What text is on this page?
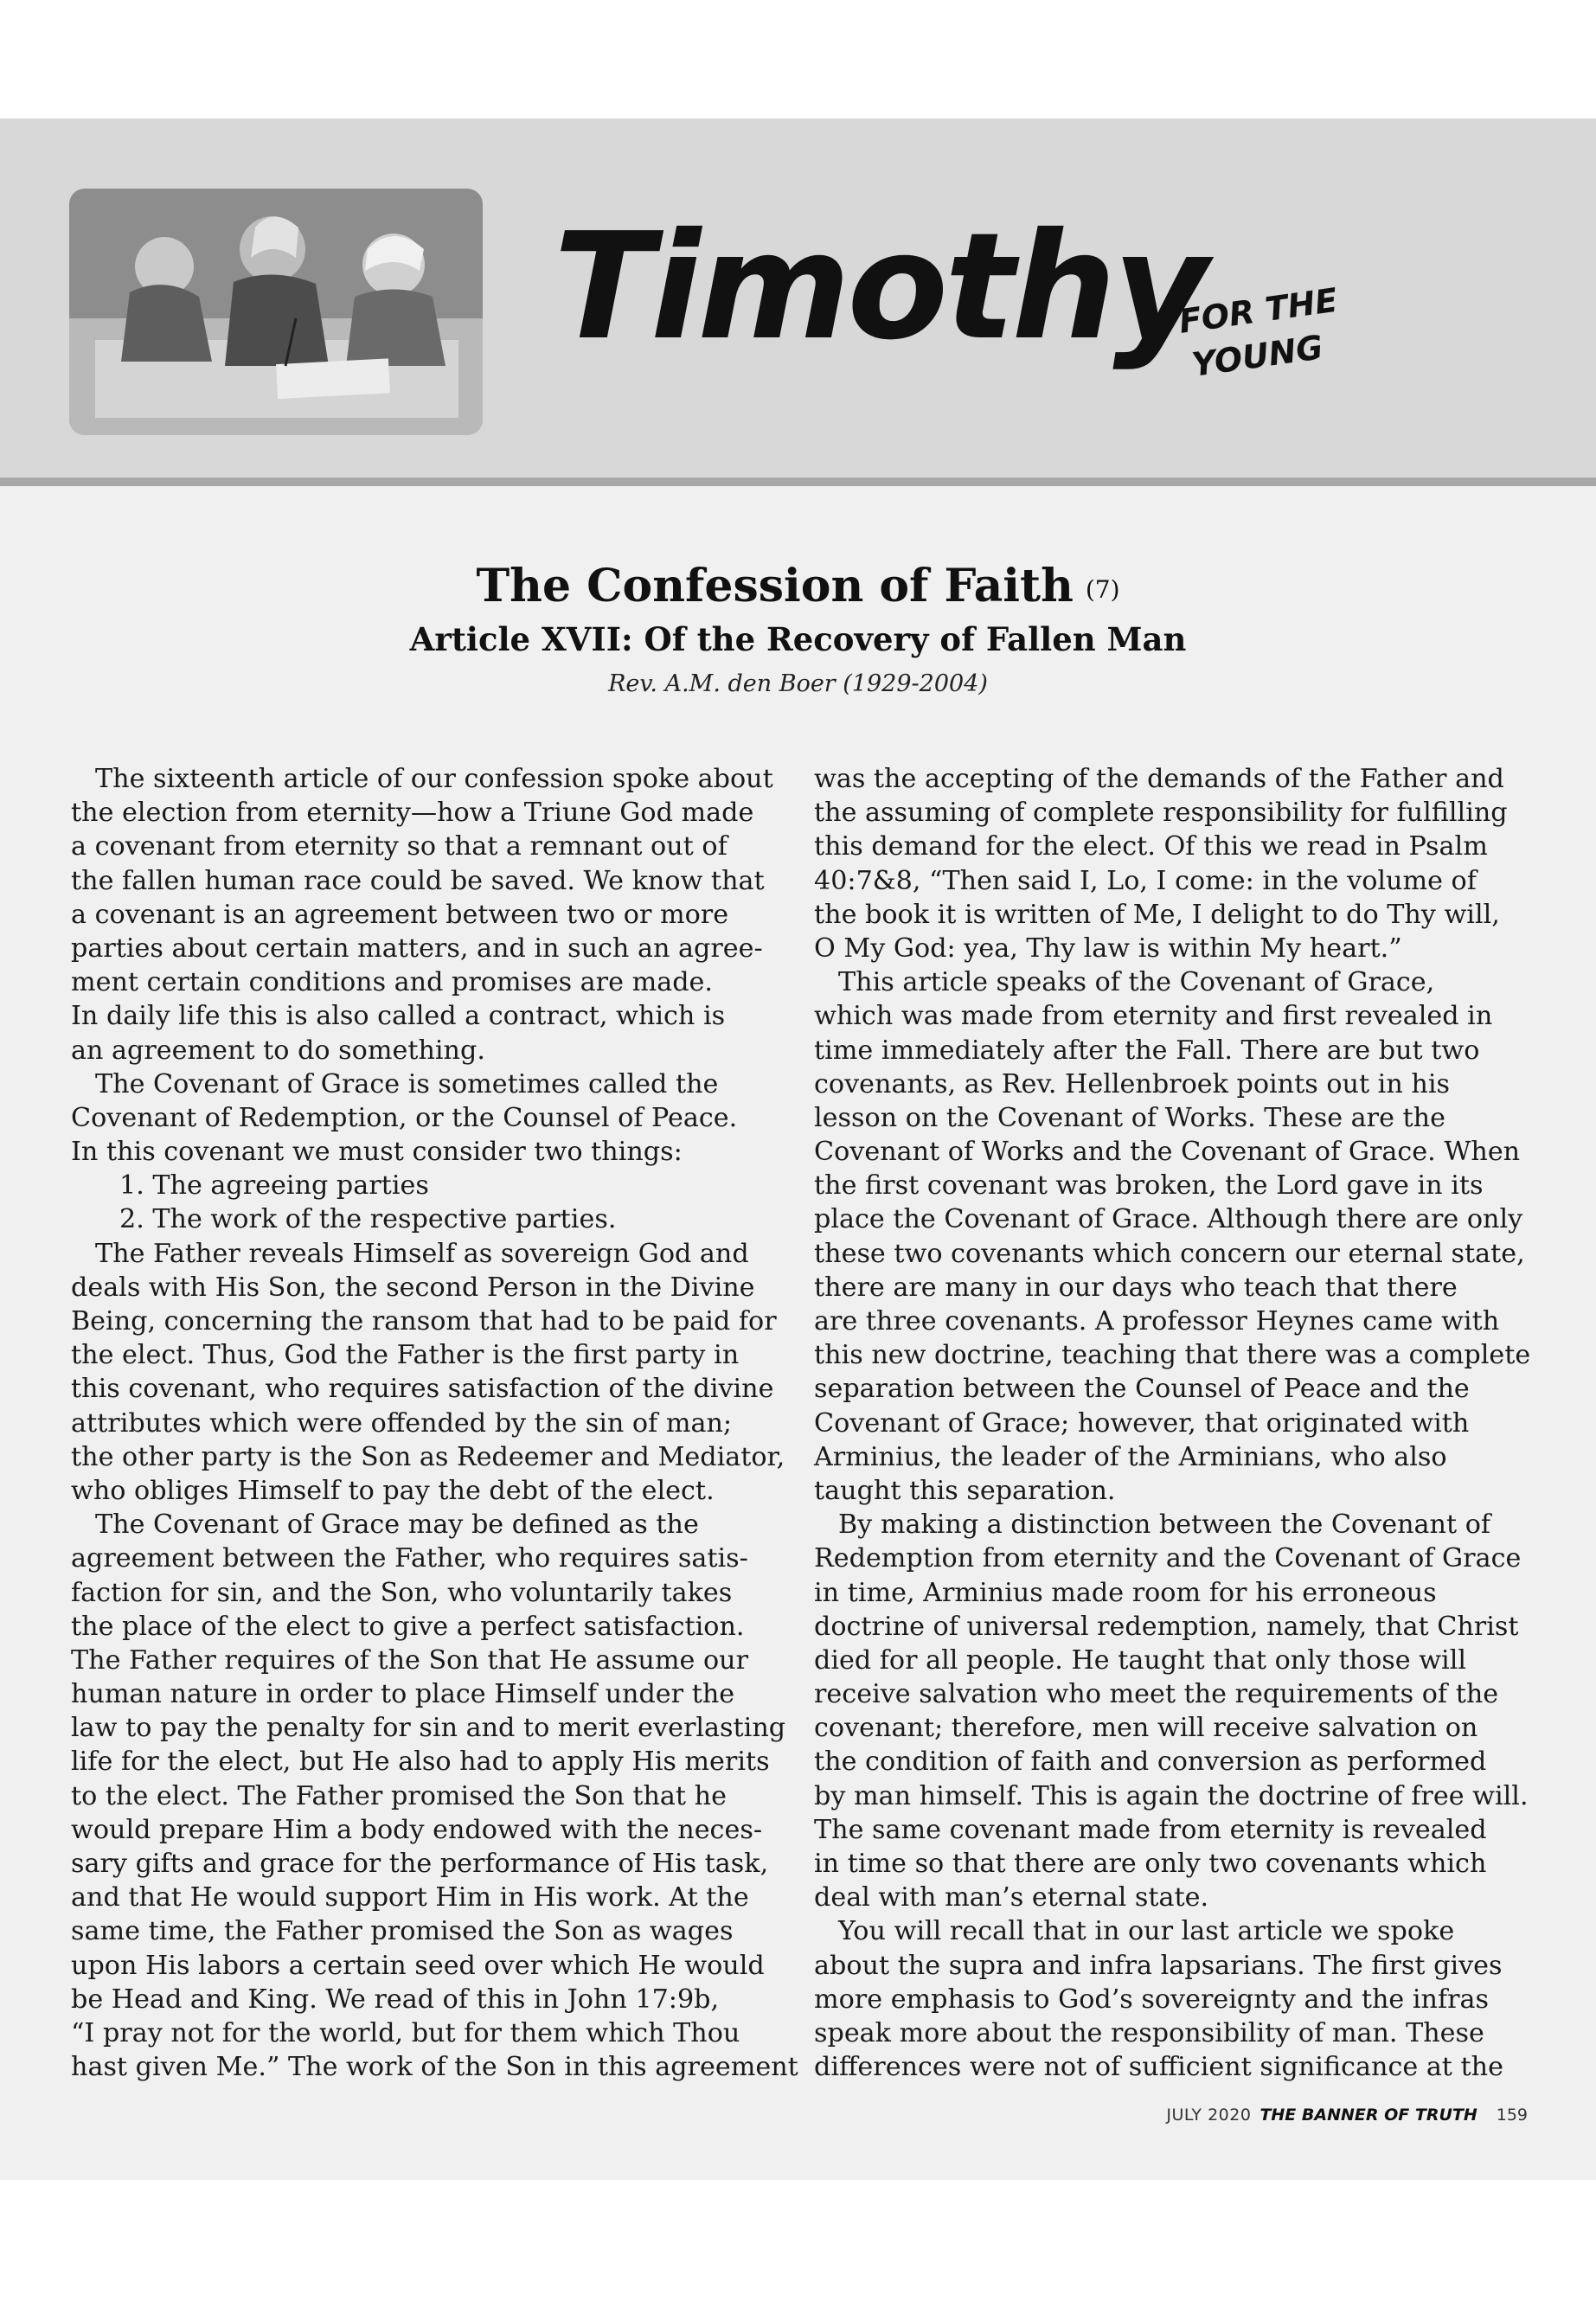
Timothy
FOR THE
YOUNG
The Confession of Faith (7)
Article XVII: Of the Recovery of Fallen Man
Rev. A.M. den Boer (1929-2004)
The sixteenth article of our confession spoke about
the election from eternity—how a Triune God made
a covenant from eternity so that a remnant out of
the fallen human race could be saved. We know that
a covenant is an agreement between two or more
parties about certain matters, and in such an agree-
ment certain conditions and promises are made.
In daily life this is also called a contract, which is
an agreement to do something.
The Covenant of Grace is sometimes called the
Covenant of Redemption, or the Counsel of Peace.
In this covenant we must consider two things:
1. The agreeing parties
2. The work of the respective parties.
The Father reveals Himself as sovereign God and
deals with His Son, the second Person in the Divine
Being, concerning the ransom that had to be paid for
the elect. Thus, God the Father is the first party in
this covenant, who requires satisfaction of the divine
attributes which were offended by the sin of man;
the other party is the Son as Redeemer and Mediator,
who obliges Himself to pay the debt of the elect.
The Covenant of Grace may be defined as the
agreement between the Father, who requires satis-
faction for sin, and the Son, who voluntarily takes
the place of the elect to give a perfect satisfaction.
The Father requires of the Son that He assume our
human nature in order to place Himself under the
law to pay the penalty for sin and to merit everlasting
life for the elect, but He also had to apply His merits
to the elect. The Father promised the Son that he
would prepare Him a body endowed with the neces-
sary gifts and grace for the performance of His task,
and that He would support Him in His work. At the
same time, the Father promised the Son as wages
upon His labors a certain seed over which He would
be Head and King. We read of this in John 17:9b,
“I pray not for the world, but for them which Thou
hast given Me.” The work of the Son in this agreement
was the accepting of the demands of the Father and
the assuming of complete responsibility for fulfilling
this demand for the elect. Of this we read in Psalm
40:7&8, “Then said I, Lo, I come: in the volume of
the book it is written of Me, I delight to do Thy will,
O My God: yea, Thy law is within My heart.”
This article speaks of the Covenant of Grace,
which was made from eternity and first revealed in
time immediately after the Fall. There are but two
covenants, as Rev. Hellenbroek points out in his
lesson on the Covenant of Works. These are the
Covenant of Works and the Covenant of Grace. When
the first covenant was broken, the Lord gave in its
place the Covenant of Grace. Although there are only
these two covenants which concern our eternal state,
there are many in our days who teach that there
are three covenants. A professor Heynes came with
this new doctrine, teaching that there was a complete
separation between the Counsel of Peace and the
Covenant of Grace; however, that originated with
Arminius, the leader of the Arminians, who also
taught this separation.
By making a distinction between the Covenant of
Redemption from eternity and the Covenant of Grace
in time, Arminius made room for his erroneous
doctrine of universal redemption, namely, that Christ
died for all people. He taught that only those will
receive salvation who meet the requirements of the
covenant; therefore, men will receive salvation on
the condition of faith and conversion as performed
by man himself. This is again the doctrine of free will.
The same covenant made from eternity is revealed
in time so that there are only two covenants which
deal with man’s eternal state.
You will recall that in our last article we spoke
about the supra and infra lapsarians. The first gives
more emphasis to God’s sovereignty and the infras
speak more about the responsibility of man. These
differences were not of sufficient significance at the
JULY 2020 THE BANNER OF TRUTH 159
